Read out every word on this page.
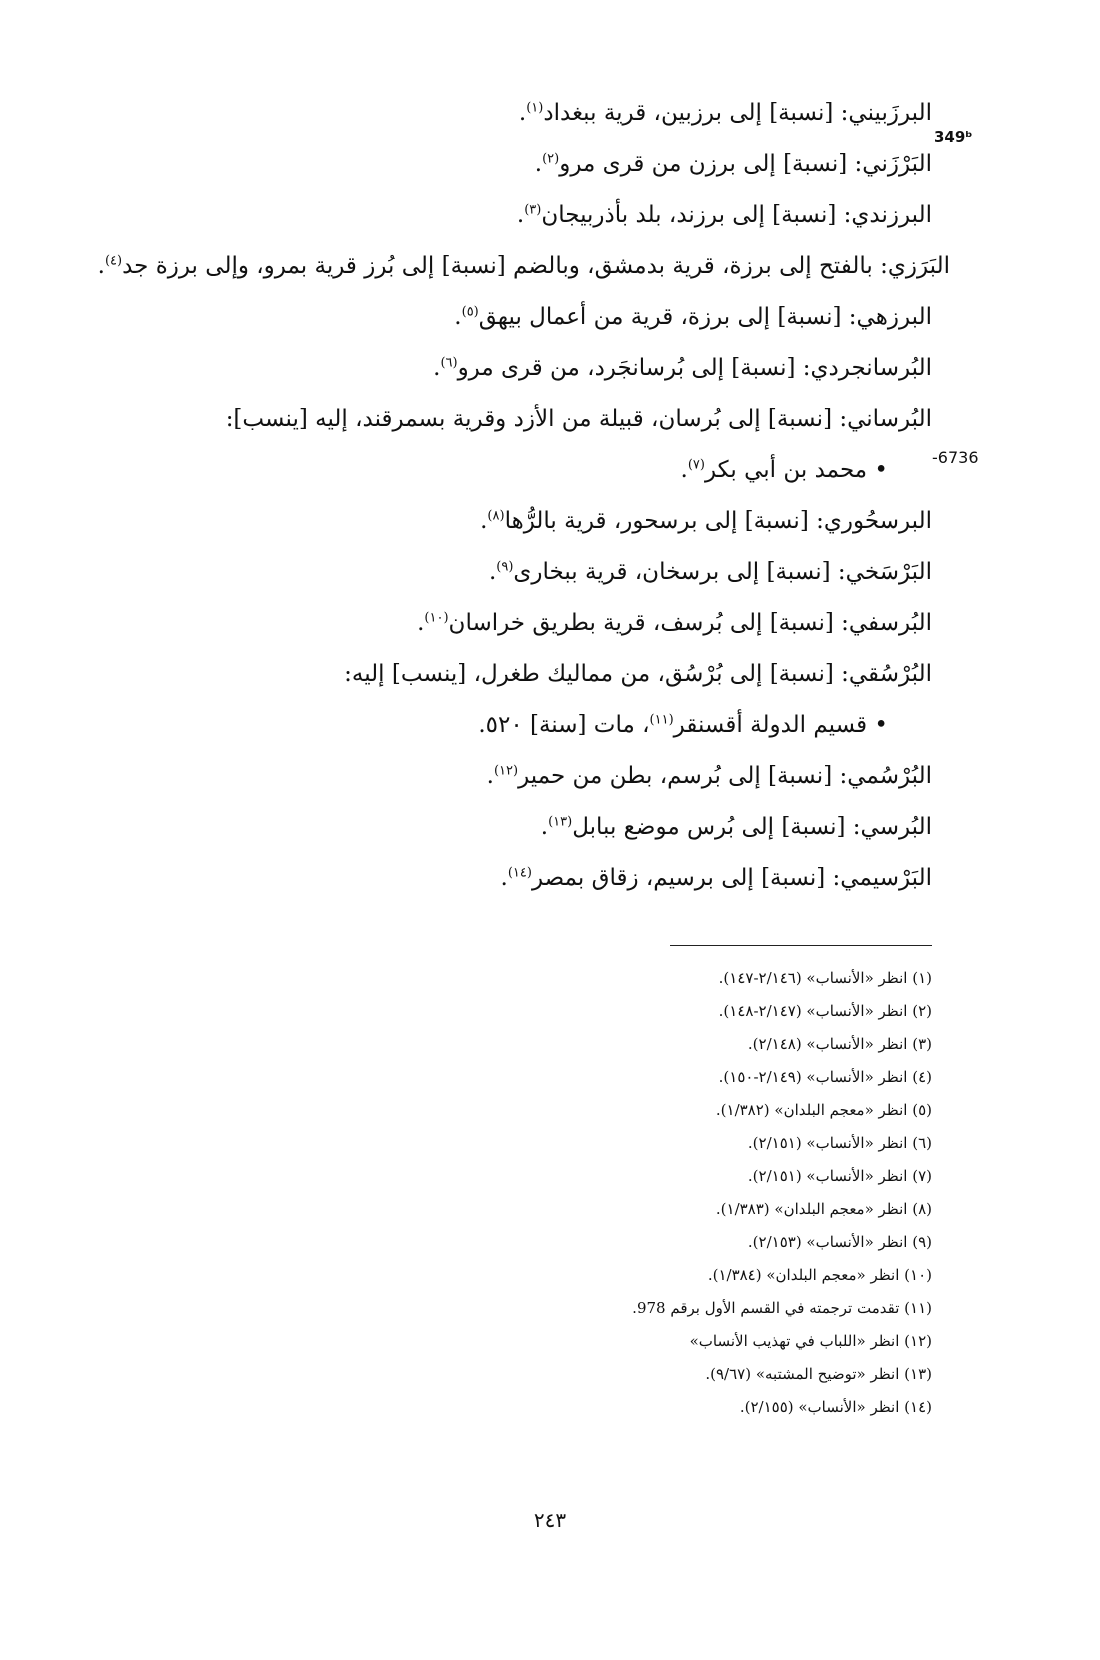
البرزَبيني: [نسبة] إلى برزبين، قرية ببغداد$^{(١)}$.
البَرْزَني: [نسبة] إلى برزن من قرى مرو$^{(٢)}$.
البرزندي: [نسبة] إلى برزند، بلد بأذربيجان$^{(٣)}$.
البَرَزي: بالفتح إلى برزة، قرية بدمشق، وبالضم [نسبة] إلى بُرز قرية بمرو، وإلى برزة جد$^{(٤)}$.
البرزهي: [نسبة] إلى برزة، قرية من أعمال بيهق$^{(٥)}$.
البُرسانجردي: [نسبة] إلى بُرسانجَرد، من قرى مرو$^{(٦)}$.
البُرساني: [نسبة] إلى بُرسان، قبيلة من الأزد وقرية بسمرقند، إليه [ينسب]:
• محمد بن أبي بكر$^{(٧)}$.
البرسحُوري: [نسبة] إلى برسحور، قرية بالرُّها$^{(٨)}$.
البَرْسَخي: [نسبة] إلى برسخان، قرية ببخارى$^{(٩)}$.
البُرسفي: [نسبة] إلى بُرسف، قرية بطريق خراسان$^{(١٠)}$.
البُرْسُقي: [نسبة] إلى بُرْسُق، من مماليك طغرل، [ينسب] إليه:
• قسيم الدولة أقسنقر$^{(١١)}$، مات [سنة] ٥٢٠.
البُرْسُمي: [نسبة] إلى بُرسم، بطن من حمير$^{(١٢)}$.
البُرسي: [نسبة] إلى بُرس موضع ببابل$^{(١٣)}$.
البَرْسيمي: [نسبة] إلى برسيم، زقاق بمصر$^{(١٤)}$.
349ᵇ
-6736
(١) انظر «الأنساب» (٢/١٤٦-١٤٧).
(٢) انظر «الأنساب» (٢/١٤٧-١٤٨).
(٣) انظر «الأنساب» (٢/١٤٨).
(٤) انظر «الأنساب» (٢/١٤٩-١٥٠).
(٥) انظر «معجم البلدان» (١/٣٨٢).
(٦) انظر «الأنساب» (٢/١٥١).
(٧) انظر «الأنساب» (٢/١٥١).
(٨) انظر «معجم البلدان» (١/٣٨٣).
(٩) انظر «الأنساب» (٢/١٥٣).
(١٠) انظر «معجم البلدان» (١/٣٨٤).
(١١) تقدمت ترجمته في القسم الأول برقم 978.
(١٢) انظر «اللباب في تهذيب الأنساب»
(١٣) انظر «توضيح المشتبه» (٩/٦٧).
(١٤) انظر «الأنساب» (٢/١٥٥).
٢٤٣
